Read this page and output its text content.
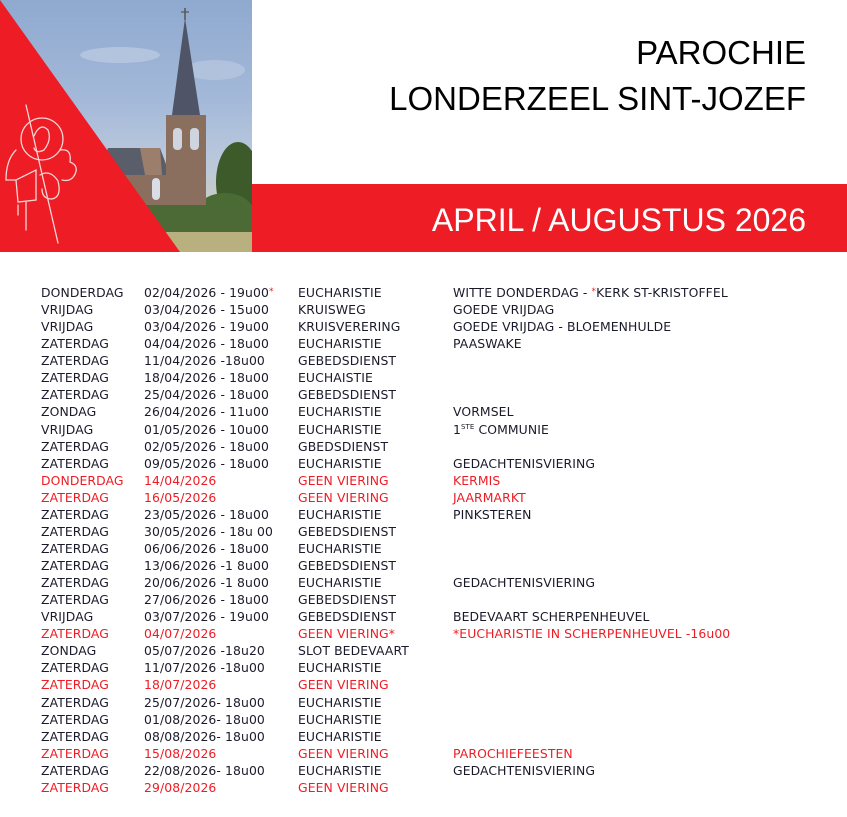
PAROCHIE
LONDERZEEL SINT-JOZEF
APRIL / AUGUSTUS 2026
DONDERDAG 02/04/2026 - 19u00* EUCHARISTIE	WITTE DONDERDAG - *KERK ST-KRISTOFFEL
VRIJDAG	03/04/2026 - 15u00 KRUISWEG	GOEDE VRIJDAG
VRIJDAG	03/04/2026 - 19u00 KRUISVERERING	GOEDE VRIJDAG - BLOEMENHULDE
ZATERDAG	04/04/2026 - 18u00 EUCHARISTIE	PAASWAKE
ZATERDAG	11/04/2026 -18u00	GEBEDSDIENST
ZATERDAG	18/04/2026 - 18u00 EUCHAISTIE
ZATERDAG	25/04/2026 - 18u00 GEBEDSDIENST
ZONDAG	26/04/2026 - 11u00 EUCHARISTIE	VORMSEL
VRIJDAG	01/05/2026 - 10u00 EUCHARISTIE	1STE COMMUNIE
ZATERDAG	02/05/2026 - 18u00 GBEDSDIENST
ZATERDAG	09/05/2026 - 18u00 EUCHARISTIE	GEDACHTENISVIERING
DONDERDAG 14/04/2026	GEEN VIERING	KERMIS
ZATERDAG	16/05/2026	GEEN VIERING	JAARMARKT
ZATERDAG	23/05/2026 - 18u00 EUCHARISTIE	PINKSTEREN
ZATERDAG	30/05/2026 - 18u 00 GEBEDSDIENST
ZATERDAG	06/06/2026 - 18u00 EUCHARISTIE
ZATERDAG	13/06/2026 -1 8u00 GEBEDSDIENST
ZATERDAG	20/06/2026 -1 8u00 EUCHARISTIE	GEDACHTENISVIERING
ZATERDAG	27/06/2026 - 18u00 GEBEDSDIENST
VRIJDAG	03/07/2026 - 19u00 GEBEDSDIENST	BEDEVAART SCHERPENHEUVEL
ZATERDAG	04/07/2026	GEEN VIERING*	*EUCHARISTIE IN SCHERPENHEUVEL -16u00
ZONDAG	05/07/2026 -18u20	SLOT BEDEVAART
ZATERDAG	11/07/2026 -18u00	EUCHARISTIE
ZATERDAG	18/07/2026	GEEN VIERING
ZATERDAG	25/07/2026- 18u00	EUCHARISTIE
ZATERDAG	01/08/2026- 18u00	EUCHARISTIE
ZATERDAG	08/08/2026- 18u00	EUCHARISTIE
ZATERDAG	15/08/2026	GEEN VIERING	PAROCHIEFEESTEN
ZATERDAG	22/08/2026- 18u00	EUCHARISTIE	GEDACHTENISVIERING
ZATERDAG	29/08/2026	GEEN VIERING
